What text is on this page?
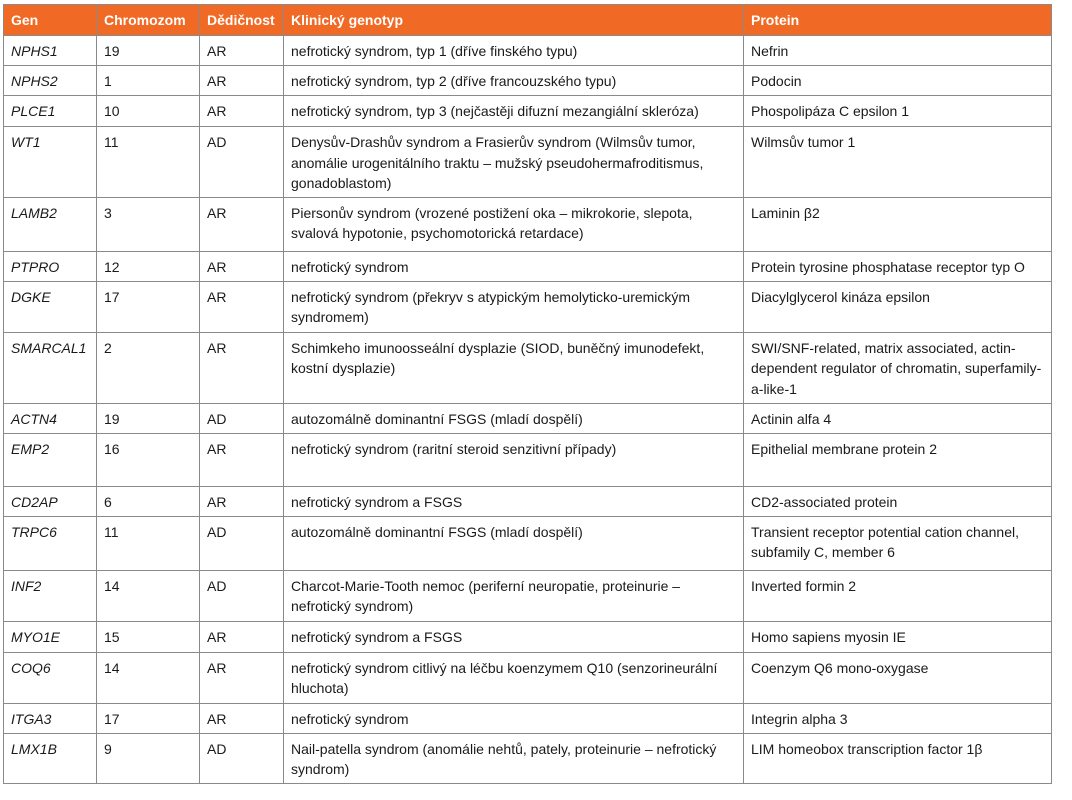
Gen	Chromozom	Dědičnost	Klinický genotyp	Protein
NPHS1	19	AR	nefrotický syndrom, typ 1 (dříve finského typu)	Nefrin
NPHS2	1	AR	nefrotický syndrom, typ 2 (dříve francouzského typu)	Podocin
PLCE1	10	AR	nefrotický syndrom, typ 3 (nejčastěji difuzní mezangiální skleróza)	Phospolipáza C epsilon 1
WT1	11	AD	Denysův-Drashův syndrom a Frasierův syndrom (Wilmsův tumor, anomálie urogenitálního traktu – mužský pseudohermafroditismus, gonadoblastom)	Wilmsův tumor 1
LAMB2	3	AR	Piersonův syndrom (vrozené postižení oka – mikrokorie, slepota, svalová hypotonie, psychomotorická retardace)	Laminin β2
PTPRO	12	AR	nefrotický syndrom	Protein tyrosine phosphatase receptor typ O
DGKE	17	AR	nefrotický syndrom (překryv s atypickým hemolyticko-uremickým syndromem)	Diacylglycerol kináza epsilon
SMARCAL1	2	AR	Schimkeho imunoosseální dysplazie (SIOD, buněčný imunodefekt, kostní dysplazie)	SWI/SNF-related, matrix associated, actin-dependent regulator of chromatin, superfamily-a-like-1
ACTN4	19	AD	autozomálně dominantní FSGS (mladí dospělí)	Actinin alfa 4
EMP2	16	AR	nefrotický syndrom (raritní steroid senzitivní případy)	Epithelial membrane protein 2
CD2AP	6	AR	nefrotický syndrom a FSGS	CD2-associated protein
TRPC6	11	AD	autozomálně dominantní FSGS (mladí dospělí)	Transient receptor potential cation channel, subfamily C, member 6
INF2	14	AD	Charcot-Marie-Tooth nemoc (periferní neuropatie, proteinurie – nefrotický syndrom)	Inverted formin 2
MYO1E	15	AR	nefrotický syndrom a FSGS	Homo sapiens myosin IE
COQ6	14	AR	nefrotický syndrom citlivý na léčbu koenzymem Q10 (senzorineurální hluchota)	Coenzym Q6 mono-oxygase
ITGA3	17	AR	nefrotický syndrom	Integrin alpha 3
LMX1B	9	AD	Nail-patella syndrom (anomálie nehtů, pately, proteinurie – nefrotický syndrom)	LIM homeobox transcription factor 1β
